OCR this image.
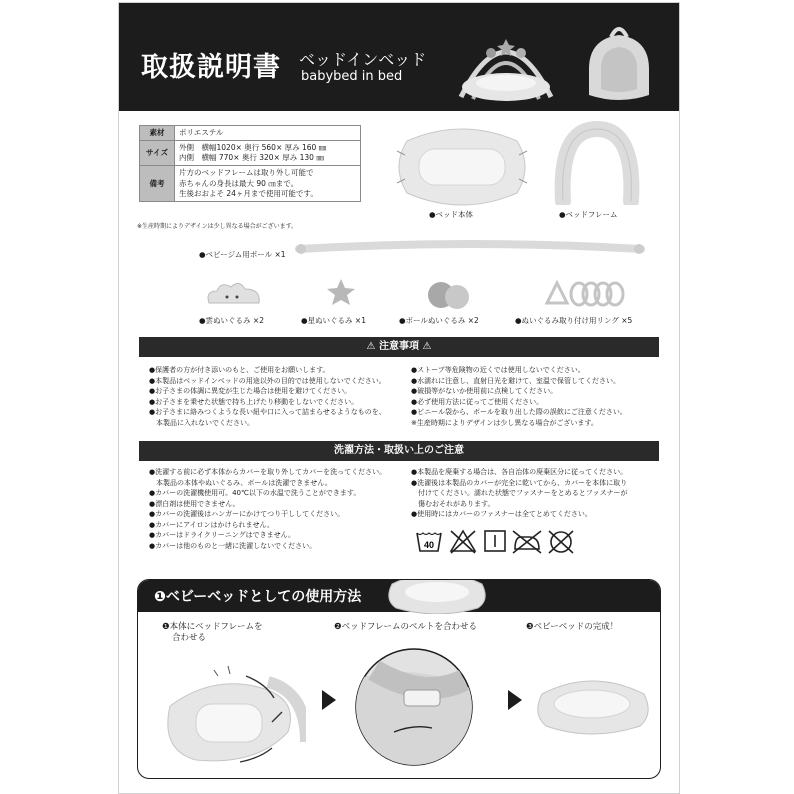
取扱説明書 ベッドインベッド
babybed in bed
素材	ポリエステル

サイズ	外側　横幅1020× 奥行 560× 厚み 160 ㎜
内側　横幅 770× 奥行 320× 厚み 130 ㎜

備考	片方のベッドフレームは取り外し可能で
赤ちゃんの身長は最大 90 ㎝まで。
生後おおよそ 24ヶ月まで使用可能です。
※生産時期によりデザインは少し異なる場合がございます。
●ベッド本体	●ベッドフレーム
●ベビージム用ポール ×1
●雲ぬいぐるみ ×2	●星ぬいぐるみ ×1	●ボールぬいぐるみ ×2	●ぬいぐるみ取り付け用リング ×5
⚠ 注意事項 ⚠
●保護者の方が付き添いのもと、ご使用をお願いします。
●本製品はベッドインベッドの用途以外の目的では使用しないでください。
●お子さまの体調に異変が生じた場合は使用を避けてください。
●お子さまを乗せた状態で持ち上げたり移動をしないでください。
●お子さまに絡みつくような長い紐や口に入って詰まらせるようなものを、
　本製品に入れないでください。
●ストーブ等危険物の近くでは使用しないでください。
●水濡れに注意し、直射日光を避けて、室温で保管してください。
●破損等がないか使用前に点検してください。
●必ず使用方法に従ってご使用ください。
●ビニール袋から、ボールを取り出した際の誤飲にご注意ください。
※生産時期によりデザインは少し異なる場合がございます。
洗濯方法・取扱い上のご注意
●洗濯する前に必ず本体からカバーを取り外してカバーを洗ってください。
　本製品の本体やぬいぐるみ、ボールは洗濯できません。
●カバーの洗濯機使用可。40℃以下の水温で洗うことができます。
●漂白剤は使用できません。
●カバーの洗濯後はハンガーにかけてつり干ししてください。
●カバーにアイロンはかけられません。
●カバーはドライクリーニングはできません。
●カバーは他のものと一緒に洗濯しないでください。
●本製品を廃棄する場合は、各自治体の廃棄区分に従ってください。
●洗濯後は本製品のカバーが完全に乾いてから、カバーを本体に取り
　付けてください。濡れた状態でファスナーをとめるとファスナーが
　傷むおそれがあります。
●使用時にはカバーのファスナーは全てとめてください。
40
❶ベビーベッドとしての使用方法
❶本体にベッドフレームを
合わせる
❷ベッドフレームのベルトを合わせる	❸ベビーベッドの完成！
